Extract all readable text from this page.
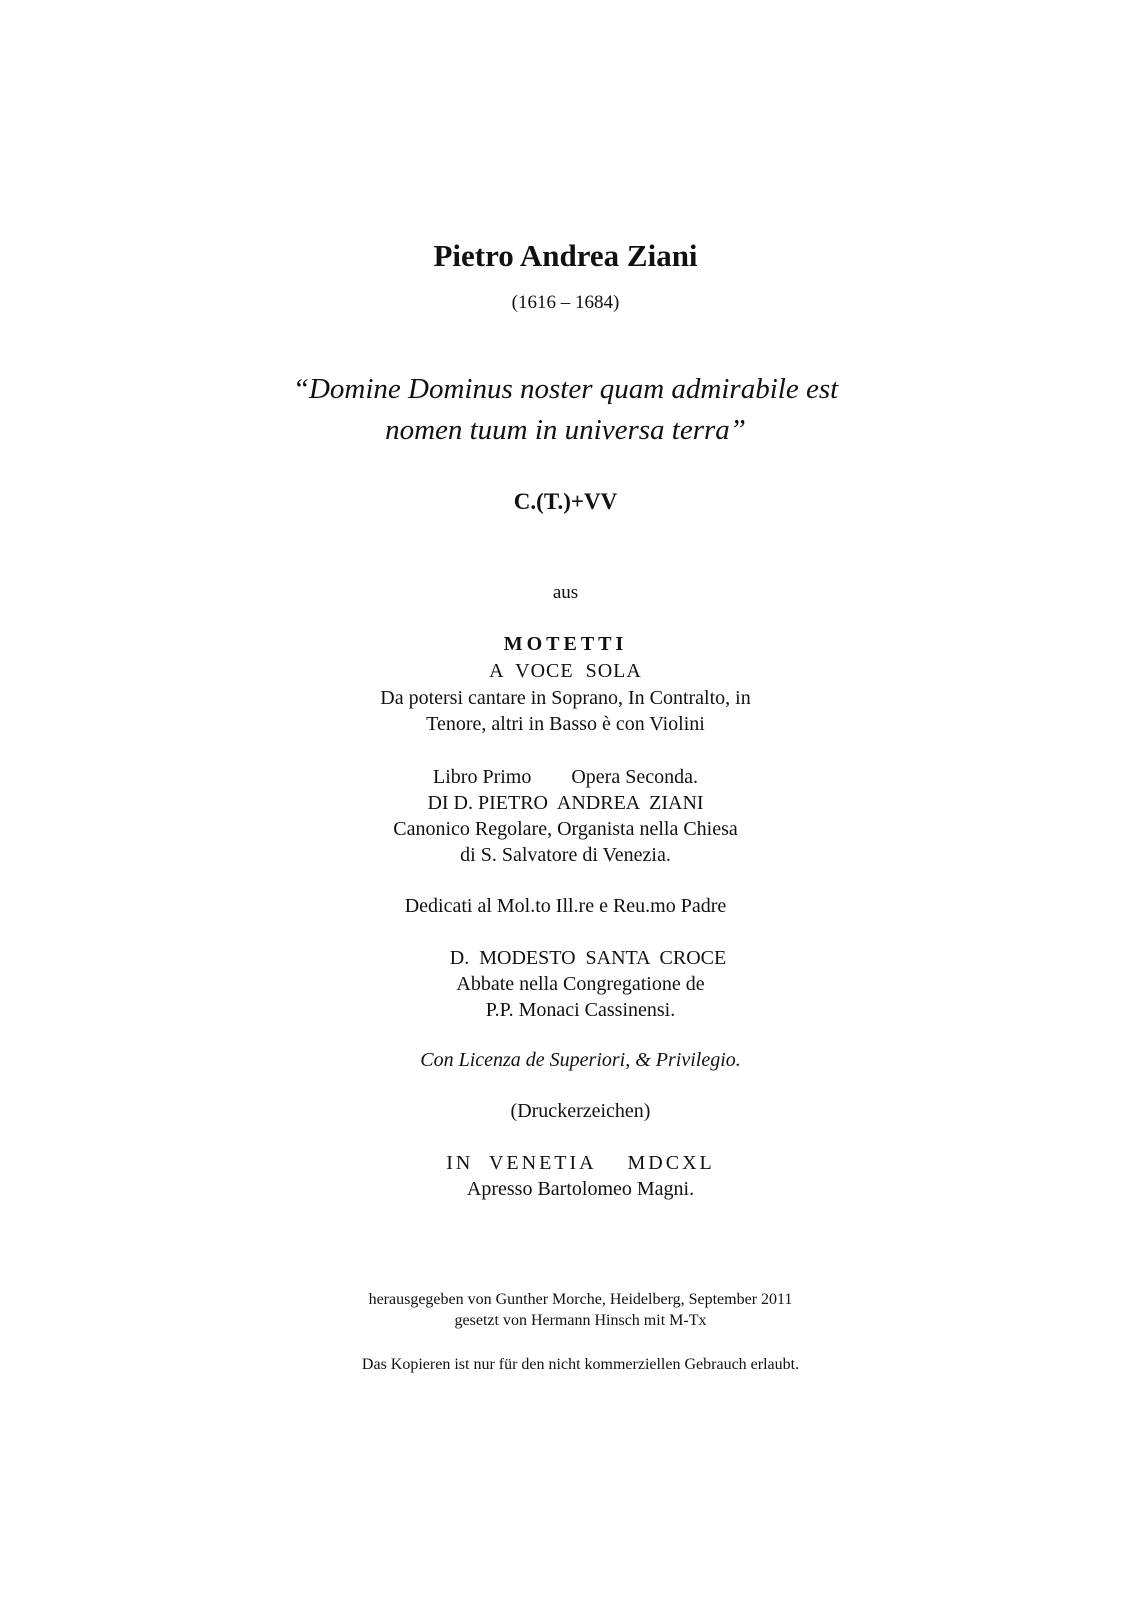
Pietro Andrea Ziani
(1616 – 1684)
“Domine Dominus noster quam admirabile est
nomen tuum in universa terra”
C.(T.)+VV
aus
MOTETTI
A  VOCE  SOLA
Da potersi cantare in Soprano, In Contralto, in
Tenore, altri in Basso è con Violini
Libro Primo        Opera Seconda.
DI D. PIETRO  ANDREA  ZIANI
Canonico Regolare, Organista nella Chiesa
di S. Salvatore di Venezia.
Dedicati al Mol.to Ill.re e Reu.mo Padre
D.  MODESTO  SANTA  CROCE
Abbate nella Congregatione de
P.P. Monaci Cassinensi.
Con Licenza de Superiori, & Privilegio.
(Druckerzeichen)
IN  VENETIA    MDCXL
Apresso Bartolomeo Magni.
herausgegeben von Gunther Morche, Heidelberg, September 2011
gesetzt von Hermann Hinsch mit M-Tx
Das Kopieren ist nur für den nicht kommerziellen Gebrauch erlaubt.
